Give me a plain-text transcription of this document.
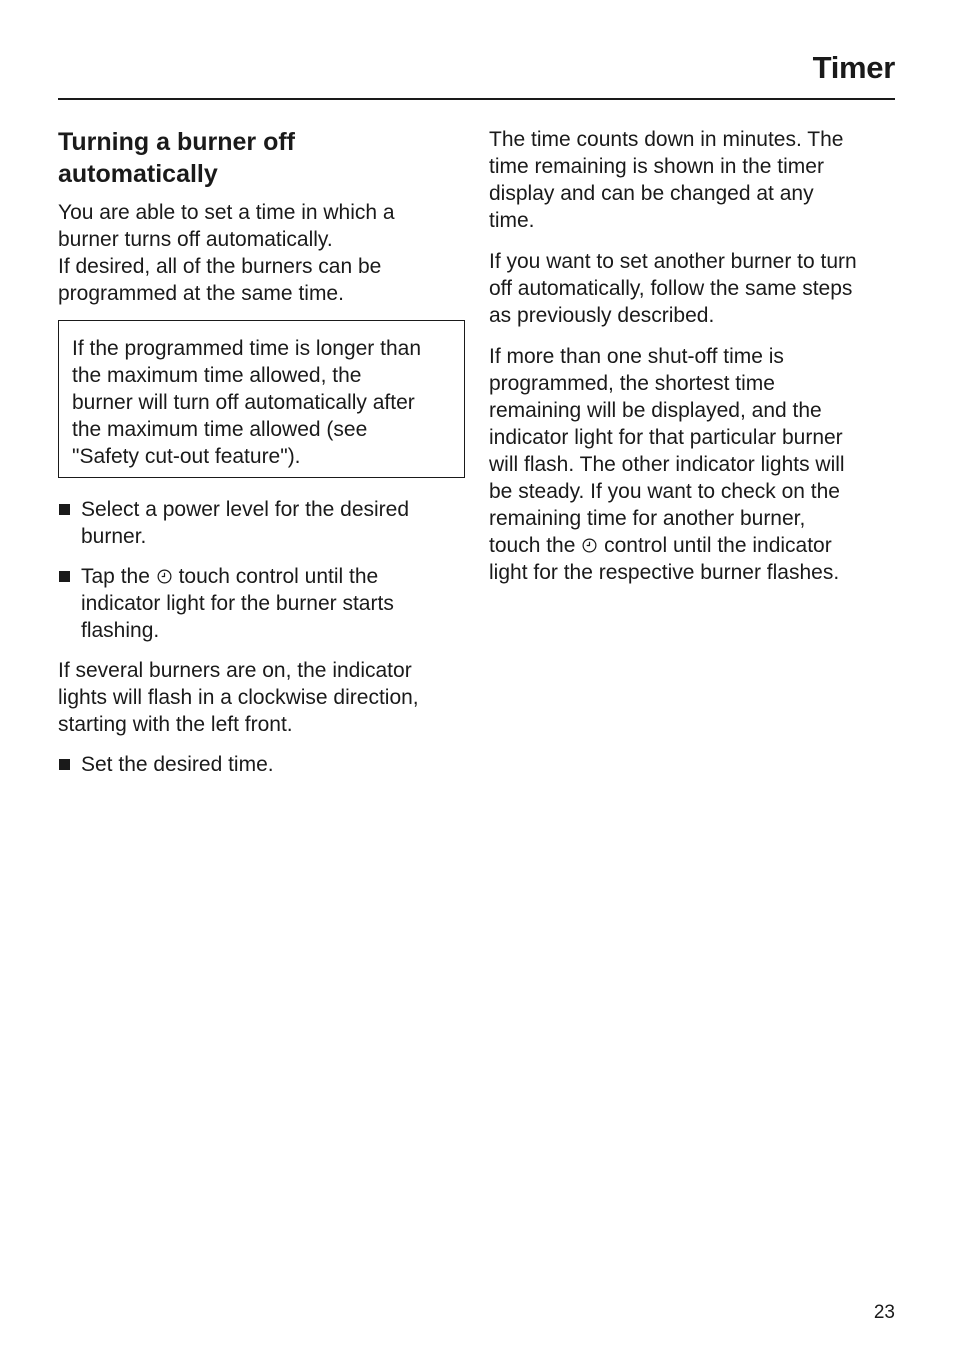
Timer
Turning a burner off
automatically

You are able to set a time in which a
burner turns off automatically.
If desired, all of the burners can be
programmed at the same time.

If the programmed time is longer than
the maximum time allowed, the
burner will turn off automatically after
the maximum time allowed (see
"Safety cut-out feature").
Select a power level for the desired
burner.
Tap the touch control until the
indicator light for the burner starts
flashing.

If several burners are on, the indicator
lights will flash in a clockwise direction,
starting with the left front.

Set the desired time.

The time counts down in minutes. The
time remaining is shown in the timer
display and can be changed at any
time.

If you want to set another burner to turn
off automatically, follow the same steps
as previously described.

If more than one shut-off time is
programmed, the shortest time
remaining will be displayed, and the
indicator light for that particular burner
will flash. The other indicator lights will
be steady. If you want to check on the
remaining time for another burner,
touch the control until the indicator
light for the respective burner flashes.

23
